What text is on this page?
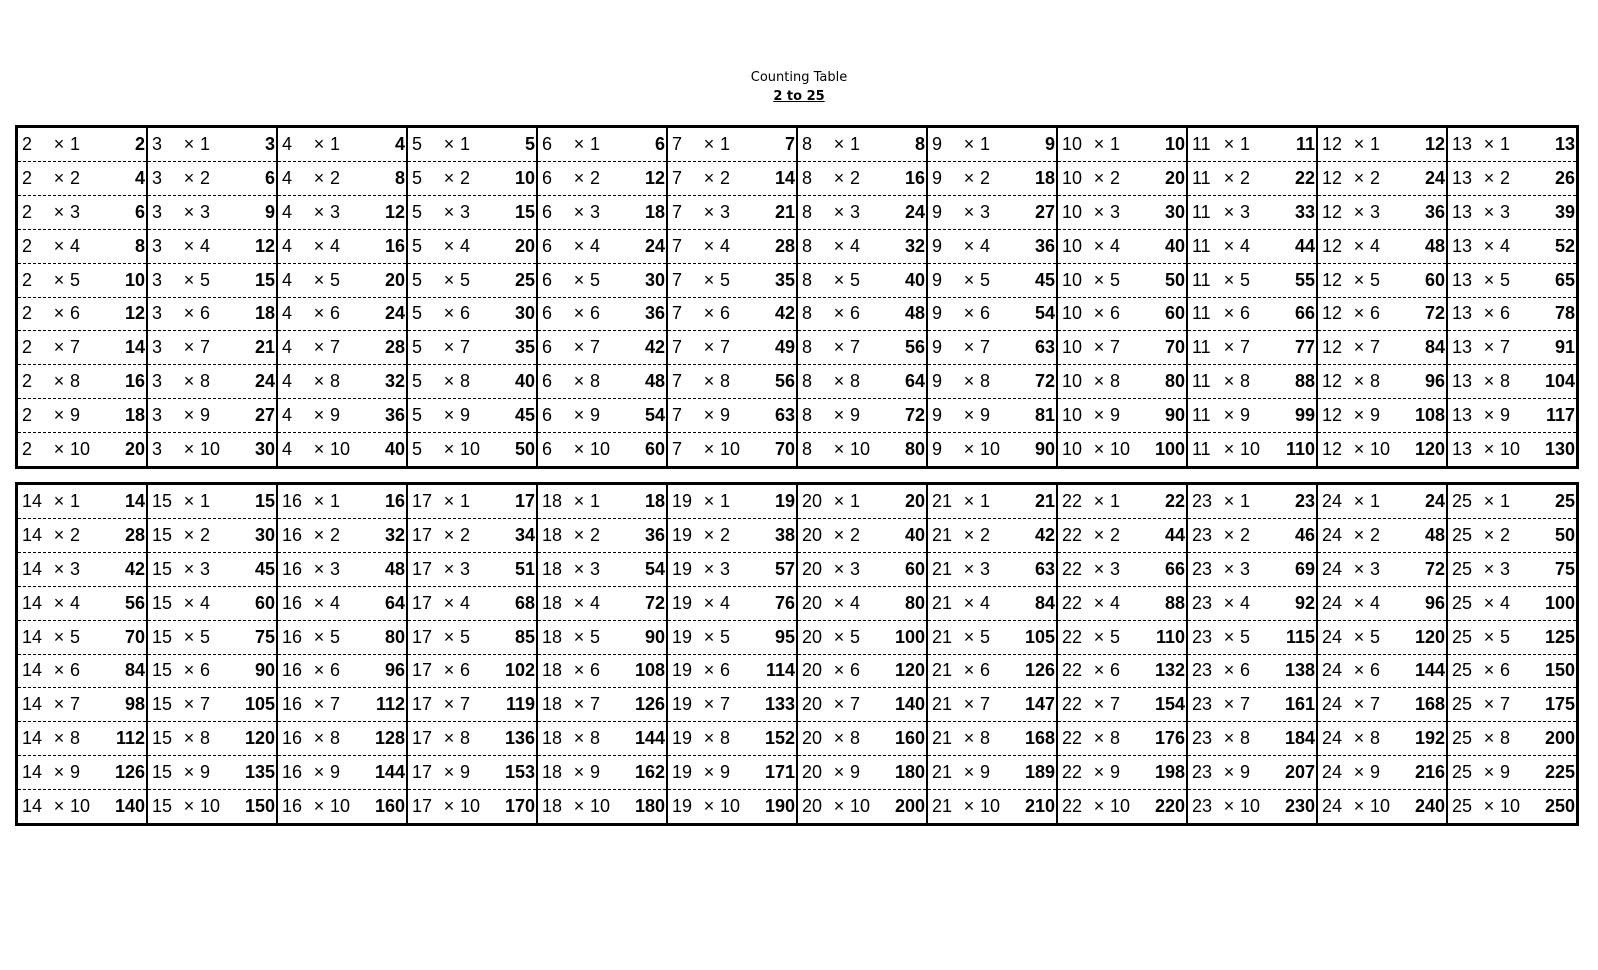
Counting Table
2 to 25
2	× 1	2
2	× 2	4
2	× 3	6
2	× 4	8
2	× 5	10
2	× 6	12
2	× 7	14
2	× 8	16
2	× 9	18
2	× 10	20
3	× 1	3
3	× 2	6
3	× 3	9
3	× 4	12
3	× 5	15
3	× 6	18
3	× 7	21
3	× 8	24
3	× 9	27
3	× 10	30
4	× 1	4
4	× 2	8
4	× 3	12
4	× 4	16
4	× 5	20
4	× 6	24
4	× 7	28
4	× 8	32
4	× 9	36
4	× 10	40
5	× 1	5
5	× 2	10
5	× 3	15
5	× 4	20
5	× 5	25
5	× 6	30
5	× 7	35
5	× 8	40
5	× 9	45
5	× 10	50
6	× 1	6
6	× 2	12
6	× 3	18
6	× 4	24
6	× 5	30
6	× 6	36
6	× 7	42
6	× 8	48
6	× 9	54
6	× 10	60
7	× 1	7
7	× 2	14
7	× 3	21
7	× 4	28
7	× 5	35
7	× 6	42
7	× 7	49
7	× 8	56
7	× 9	63
7	× 10	70
8	× 1	8
8	× 2	16
8	× 3	24
8	× 4	32
8	× 5	40
8	× 6	48
8	× 7	56
8	× 8	64
8	× 9	72
8	× 10	80
9	× 1	9
9	× 2	18
9	× 3	27
9	× 4	36
9	× 5	45
9	× 6	54
9	× 7	63
9	× 8	72
9	× 9	81
9	× 10	90
10 × 1	10
10 × 2	20
10 × 3	30
10 × 4	40
10 × 5	50
10 × 6	60
10 × 7	70
10 × 8	80
10 × 9	90
10 × 10	100
11 × 1	11
11 × 2	22
11 × 3	33
11 × 4	44
11 × 5	55
11 × 6	66
11 × 7	77
11 × 8	88
11 × 9	99
11 × 10	110
12 × 1	12
12 × 2	24
12 × 3	36
12 × 4	48
12 × 5	60
12 × 6	72
12 × 7	84
12 × 8	96
12 × 9	108
12 × 10	120
13 × 1	13
13 × 2	26
13 × 3	39
13 × 4	52
13 × 5	65
13 × 6	78
13 × 7	91
13 × 8	104
13 × 9	117
13 × 10	130
14 × 1	14
14 × 2	28
14 × 3	42
14 × 4	56
14 × 5	70
14 × 6	84
14 × 7	98
14 × 8	112
14 × 9	126
14 × 10	140
15 × 1	15
15 × 2	30
15 × 3	45
15 × 4	60
15 × 5	75
15 × 6	90
15 × 7	105
15 × 8	120
15 × 9	135
15 × 10	150
16 × 1	16
16 × 2	32
16 × 3	48
16 × 4	64
16 × 5	80
16 × 6	96
16 × 7	112
16 × 8	128
16 × 9	144
16 × 10	160
17 × 1	17
17 × 2	34
17 × 3	51
17 × 4	68
17 × 5	85
17 × 6	102
17 × 7	119
17 × 8	136
17 × 9	153
17 × 10	170
18 × 1	18
18 × 2	36
18 × 3	54
18 × 4	72
18 × 5	90
18 × 6	108
18 × 7	126
18 × 8	144
18 × 9	162
18 × 10	180
19 × 1	19
19 × 2	38
19 × 3	57
19 × 4	76
19 × 5	95
19 × 6	114
19 × 7	133
19 × 8	152
19 × 9	171
19 × 10	190
20 × 1	20
20 × 2	40
20 × 3	60
20 × 4	80
20 × 5	100
20 × 6	120
20 × 7	140
20 × 8	160
20 × 9	180
20 × 10	200
21 × 1	21
21 × 2	42
21 × 3	63
21 × 4	84
21 × 5	105
21 × 6	126
21 × 7	147
21 × 8	168
21 × 9	189
21 × 10	210
22 × 1	22
22 × 2	44
22 × 3	66
22 × 4	88
22 × 5	110
22 × 6	132
22 × 7	154
22 × 8	176
22 × 9	198
22 × 10	220
23 × 1	23
23 × 2	46
23 × 3	69
23 × 4	92
23 × 5	115
23 × 6	138
23 × 7	161
23 × 8	184
23 × 9	207
23 × 10	230
24 × 1	24
24 × 2	48
24 × 3	72
24 × 4	96
24 × 5	120
24 × 6	144
24 × 7	168
24 × 8	192
24 × 9	216
24 × 10	240
25 × 1	25
25 × 2	50
25 × 3	75
25 × 4	100
25 × 5	125
25 × 6	150
25 × 7	175
25 × 8	200
25 × 9	225
25 × 10	250
